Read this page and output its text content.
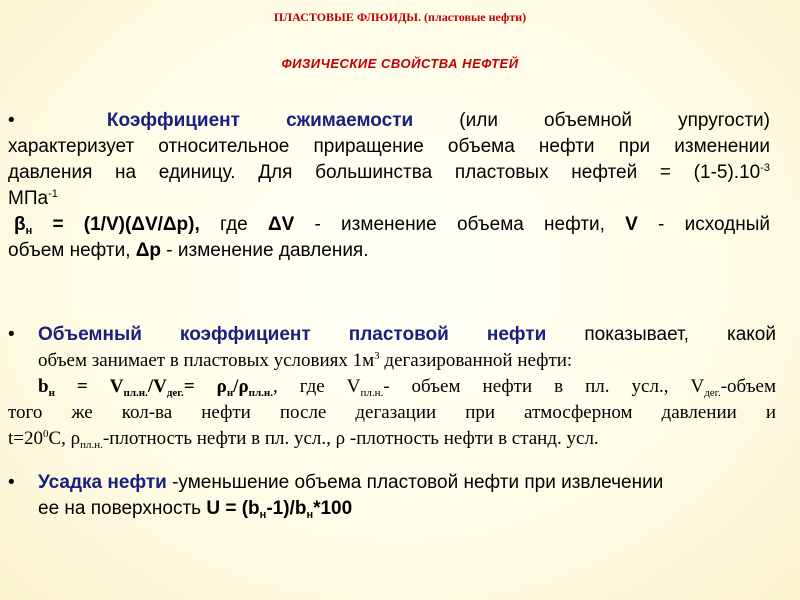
ПЛАСТОВЫЕ ФЛЮИДЫ. (пластовые нефти)
ФИЗИЧЕСКИЕ СВОЙСТВА НЕФТЕЙ
•	Коэффициент сжимаемости (или объемной упругости)
характеризует относительное приращение объема нефти при изменении
давления на единицу. Для большинства пластовых нефтей = $(1-5).10^{-3}$
МПа$^{-1}$
$\beta_н = (1/V)(\Delta V/\Delta p)$, где ΔV - изменение объема нефти, V - исходный
объем нефти, Δр - изменение давления.
• Объемный коэффициент пластовой нефти показывает, какой
объем занимает в пластовых условиях $1м^3$ дегазированной нефти:
$b_н = V_{пл.н.}/V_{дег.}= \rho_н/\rho_{пл.н.}$, где $V_{пл.н.}-$ объем нефти в пл. усл., $V_{дег.}$-объем
того же кол-ва нефти после дегазации при атмосферном давлении и
$t=20^0C$, $\rho_{пл.н.}$-плотность нефти в пл. усл., ρ -плотность нефти в станд. усл.
• Усадка нефти -уменьшение объема пластовой нефти при извлечении
ее на поверхность $U = (b_н-1)/b_н*100$
